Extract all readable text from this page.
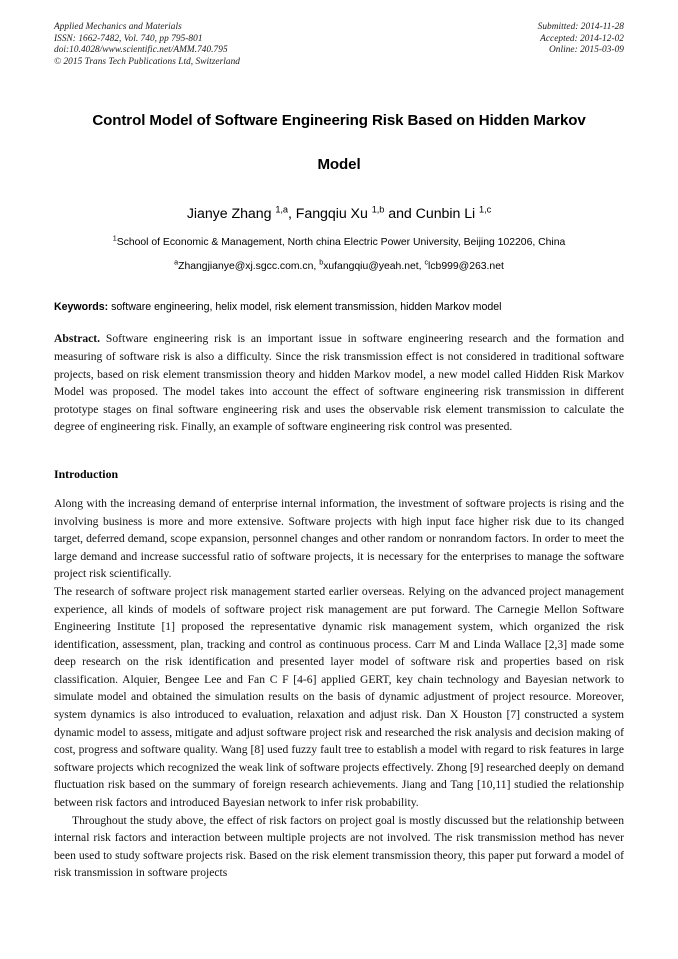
Applied Mechanics and Materials
ISSN: 1662-7482, Vol. 740, pp 795-801
doi:10.4028/www.scientific.net/AMM.740.795
© 2015 Trans Tech Publications Ltd, Switzerland
Submitted: 2014-11-28
Accepted: 2014-12-02
Online: 2015-03-09
Control Model of Software Engineering Risk Based on Hidden Markov
Model
Jianye Zhang $^{1,a}$, Fangqiu Xu $^{1,b}$ and Cunbin Li $^{1,c}$
$^1$School of Economic & Management, North china Electric Power University, Beijing 102206, China
$^a$Zhangjianye@xj.sgcc.com.cn, $^b$xufangqiu@yeah.net, $^c$lcb999@263.net
Keywords: software engineering, helix model, risk element transmission, hidden Markov model
Abstract. Software engineering risk is an important issue in software engineering research and the formation and measuring of software risk is also a difficulty. Since the risk transmission effect is not considered in traditional software projects, based on risk element transmission theory and hidden Markov model, a new model called Hidden Risk Markov Model was proposed. The model takes into account the effect of software engineering risk transmission in different prototype stages on final software engineering risk and uses the observable risk element transmission to calculate the degree of engineering risk. Finally, an example of software engineering risk control was presented.
Introduction
Along with the increasing demand of enterprise internal information, the investment of software projects is rising and the involving business is more and more extensive. Software projects with high input face higher risk due to its changed target, deferred demand, scope expansion, personnel changes and other random or nonrandom factors. In order to meet the large demand and increase successful ratio of software projects, it is necessary for the enterprises to manage the software project risk scientifically.
The research of software project risk management started earlier overseas. Relying on the advanced project management experience, all kinds of models of software project risk management are put forward. The Carnegie Mellon Software Engineering Institute [1] proposed the representative dynamic risk management system, which organized the risk identification, assessment, plan, tracking and control as continuous process. Carr M and Linda Wallace [2,3] made some deep research on the risk identification and presented layer model of software risk and properties based on risk classification. Alquier, Bengee Lee and Fan C F [4-6] applied GERT, key chain technology and Bayesian network to simulate model and obtained the simulation results on the basis of dynamic adjustment of project resource. Moreover, system dynamics is also introduced to evaluation, relaxation and adjust risk. Dan X Houston [7] constructed a system dynamic model to assess, mitigate and adjust software project risk and researched the risk analysis and decision making of cost, progress and software quality. Wang [8] used fuzzy fault tree to establish a model with regard to risk features in large software projects which recognized the weak link of software projects effectively. Zhong [9] researched deeply on demand fluctuation risk based on the summary of foreign research achievements. Jiang and Tang [10,11] studied the relationship between risk factors and introduced Bayesian network to infer risk probability.
Throughout the study above, the effect of risk factors on project goal is mostly discussed but the relationship between internal risk factors and interaction between multiple projects are not involved. The risk transmission method has never been used to study software projects risk. Based on the risk element transmission theory, this paper put forward a model of risk transmission in software projects
